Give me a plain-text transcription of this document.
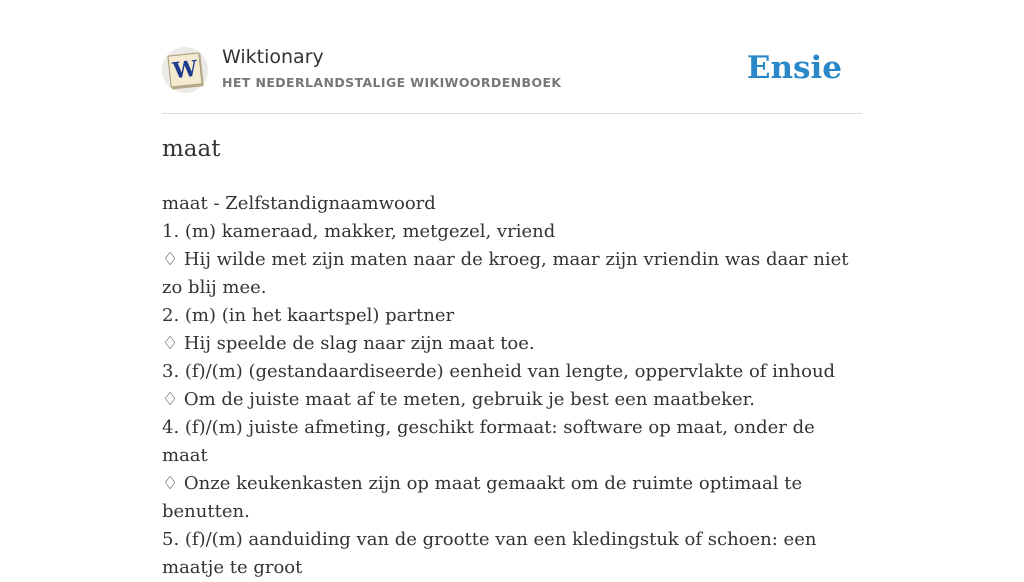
W Wiktionary
HET NEDERLANDSTALIGE WIKIWOORDENBOEK	Ensie
maat
maat - Zelfstandignaamwoord
1. (m) kameraad, makker, metgezel, vriend
♢ Hij wilde met zijn maten naar de kroeg, maar zijn vriendin was daar niet zo blij mee.
2. (m) (in het kaartspel) partner
♢ Hij speelde de slag naar zijn maat toe.
3. (f)/(m) (gestandaardiseerde) eenheid van lengte, oppervlakte of inhoud
♢ Om de juiste maat af te meten, gebruik je best een maatbeker.
4. (f)/(m) juiste afmeting, geschikt formaat: software op maat, onder de maat
♢ Onze keukenkasten zijn op maat gemaakt om de ruimte optimaal te benutten.
5. (f)/(m) aanduiding van de grootte van een kledingstuk of schoen: een maatje te groot
